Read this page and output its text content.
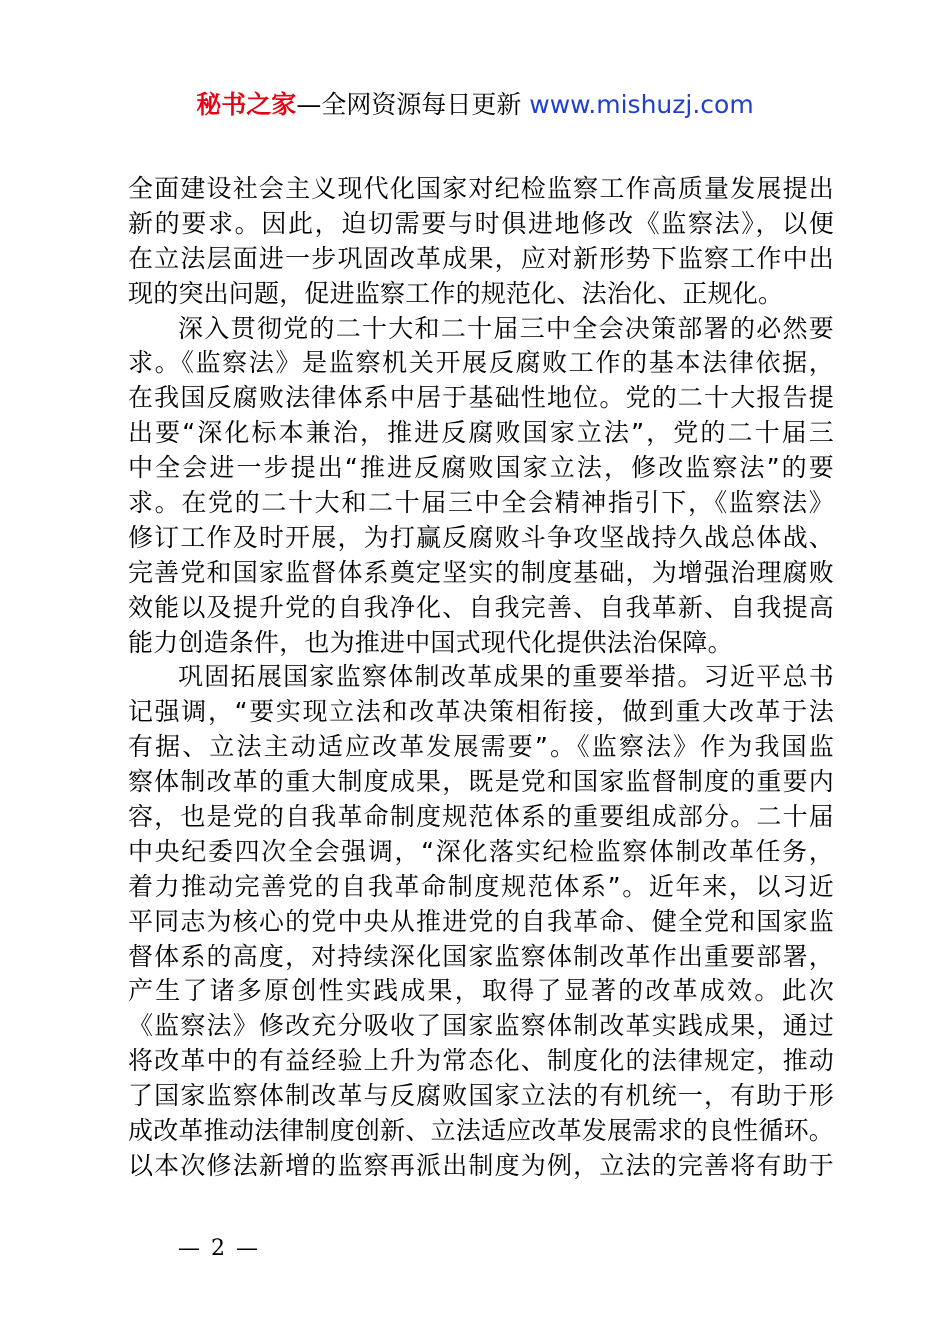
秘书之家—全网资源每日更新 www.mishuzj.com
全面建设社会主义现代化国家对纪检监察工作高质量发展提出
新的要求。因此，迫切需要与时俱进地修改《监察法》，以便
在立法层面进一步巩固改革成果，应对新形势下监察工作中出
现的突出问题，促进监察工作的规范化、法治化、正规化。
深入贯彻党的二十大和二十届三中全会决策部署的必然要
求。《监察法》是监察机关开展反腐败工作的基本法律依据，
在我国反腐败法律体系中居于基础性地位。党的二十大报告提
出要“深化标本兼治，推进反腐败国家立法”，党的二十届三
中全会进一步提出“推进反腐败国家立法，修改监察法”的要
求。在党的二十大和二十届三中全会精神指引下，《监察法》
修订工作及时开展，为打赢反腐败斗争攻坚战持久战总体战、
完善党和国家监督体系奠定坚实的制度基础，为增强治理腐败
效能以及提升党的自我净化、自我完善、自我革新、自我提高
能力创造条件，也为推进中国式现代化提供法治保障。
巩固拓展国家监察体制改革成果的重要举措。习近平总书
记强调，“要实现立法和改革决策相衔接，做到重大改革于法
有据、立法主动适应改革发展需要”。《监察法》作为我国监
察体制改革的重大制度成果，既是党和国家监督制度的重要内
容，也是党的自我革命制度规范体系的重要组成部分。二十届
中央纪委四次全会强调，“深化落实纪检监察体制改革任务，
着力推动完善党的自我革命制度规范体系”。近年来，以习近
平同志为核心的党中央从推进党的自我革命、健全党和国家监
督体系的高度，对持续深化国家监察体制改革作出重要部署，
产生了诸多原创性实践成果，取得了显著的改革成效。此次
《监察法》修改充分吸收了国家监察体制改革实践成果，通过
将改革中的有益经验上升为常态化、制度化的法律规定，推动
了国家监察体制改革与反腐败国家立法的有机统一，有助于形
成改革推动法律制度创新、立法适应改革发展需求的良性循环。
以本次修法新增的监察再派出制度为例，立法的完善将有助于
— 2 —
